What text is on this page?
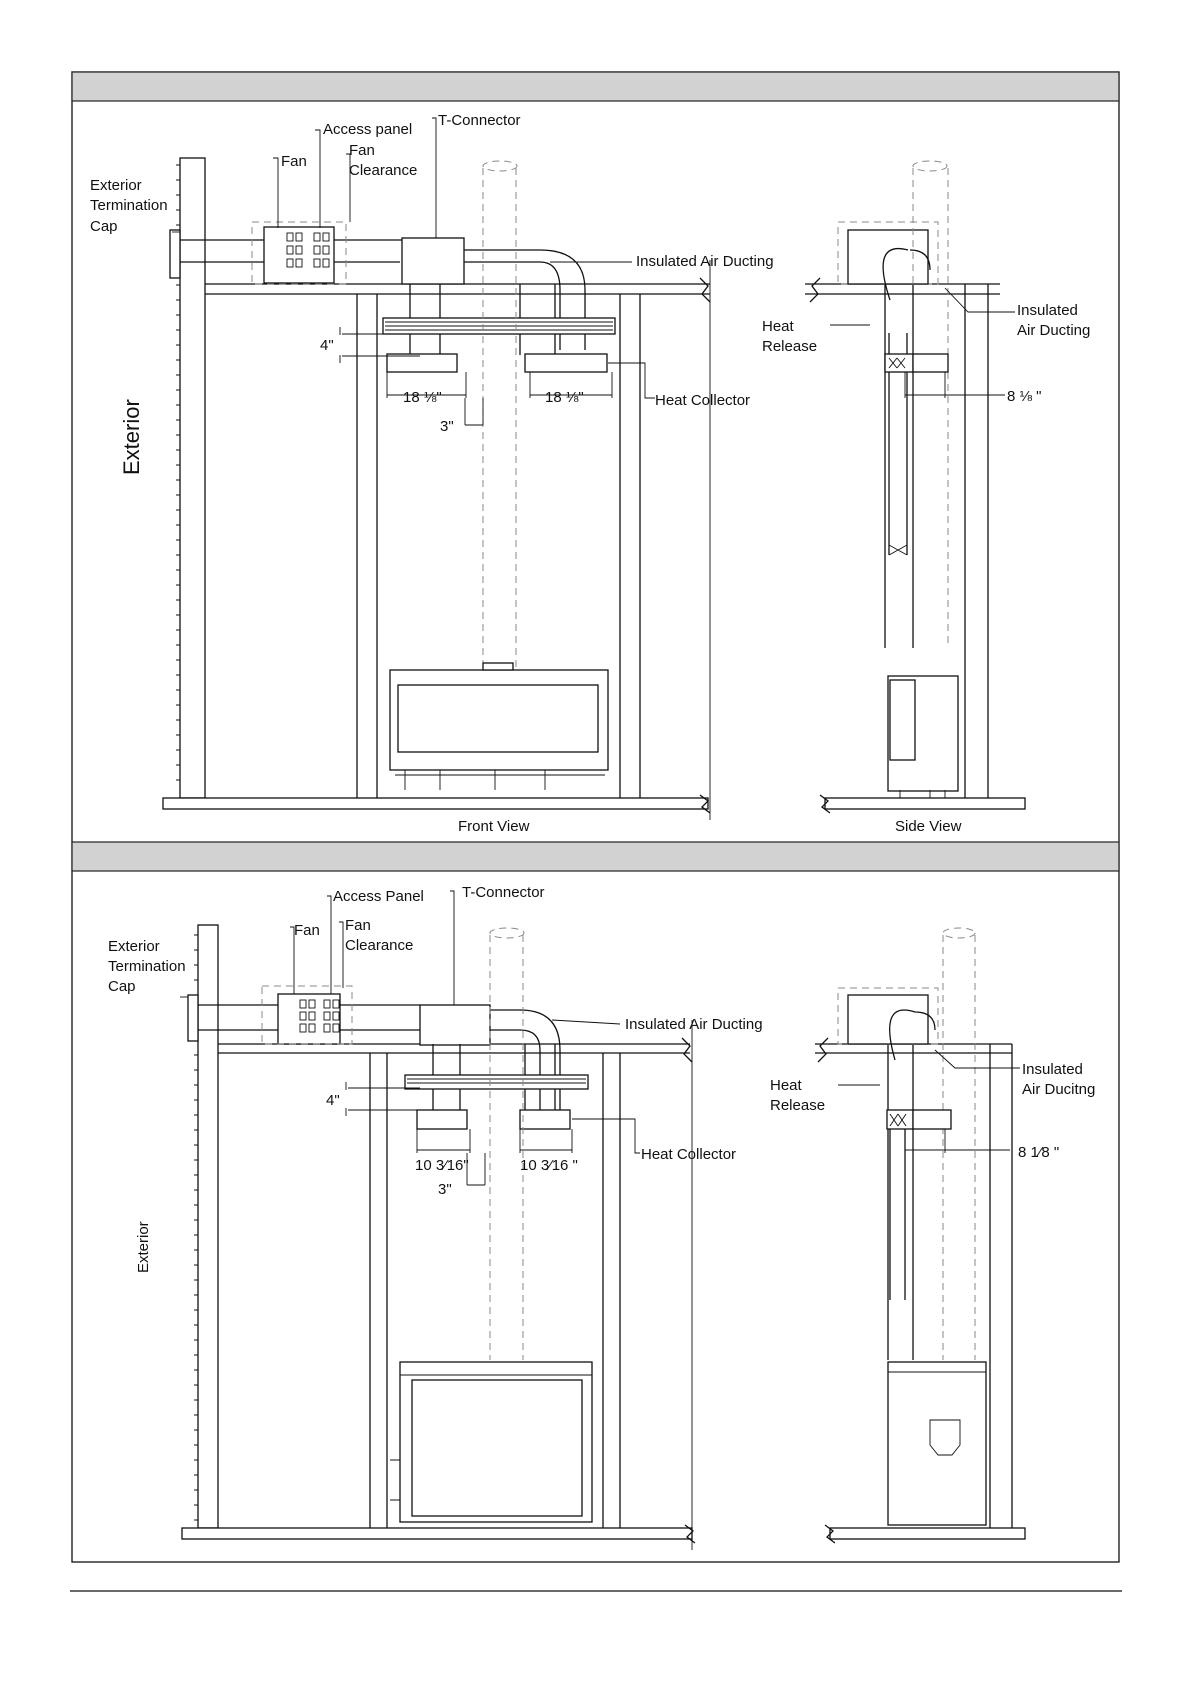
Exterior
Termination
Cap
Fan
Access panel
Fan
Clearance
T-Connector
Insulated Air Ducting
Heat Collector
4"
18 ⅛"	18 ⅛"
3"
8 ⅛ "
Heat
Release
Insulated
Air Ducting
Front View	Side View
Exterior
Exterior
Termination
Cap
Fan
Access Panel
Fan
Clearance
T-Connector
Insulated Air Ducting
Heat Collector
4"
10 3⁄16"	10 3⁄16 "
3"
8 1⁄8 "
Heat
Release
Insulated
Air Ducitng
Exterior
